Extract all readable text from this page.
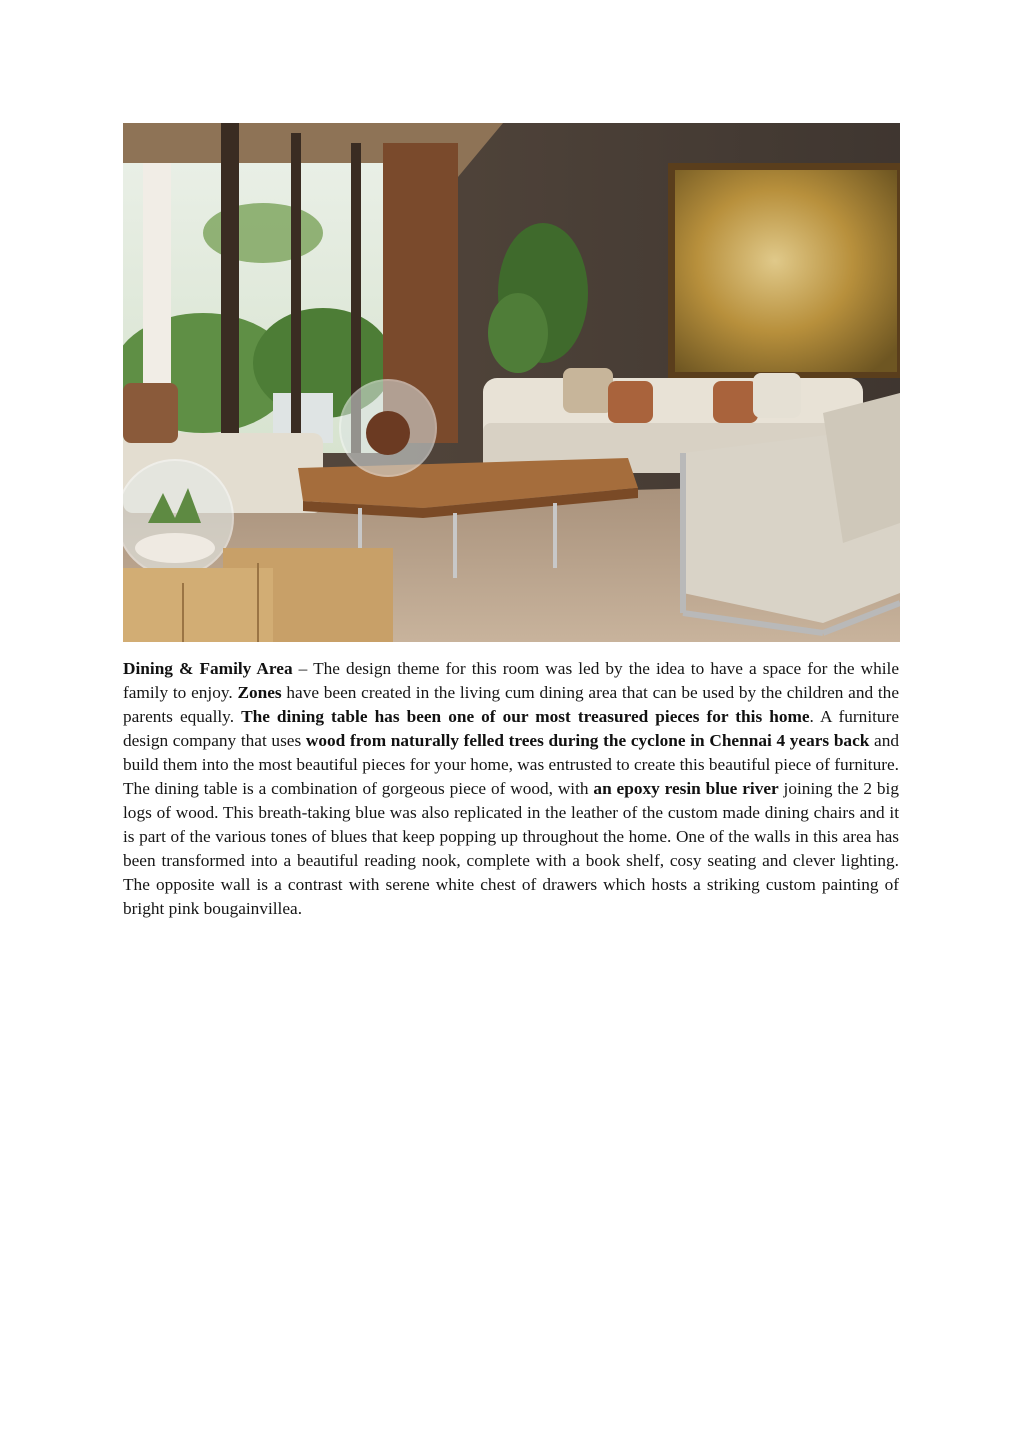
Dining & Family Area – The design theme for this room was led by the idea to have a space for the while family to enjoy. Zones have been created in the living cum dining area that can be used by the children and the parents equally. The dining table has been one of our most treasured pieces for this home. A furniture design company that uses wood from naturally felled trees during the cyclone in Chennai 4 years back and build them into the most beautiful pieces for your home, was entrusted to create this beautiful piece of furniture. The dining table is a combination of gorgeous piece of wood, with an epoxy resin blue river joining the 2 big logs of wood. This breath-taking blue was also replicated in the leather of the custom made dining chairs and it is part of the various tones of blues that keep popping up throughout the home. One of the walls in this area has been transformed into a beautiful reading nook, complete with a book shelf, cosy seating and clever lighting. The opposite wall is a contrast with serene white chest of drawers which hosts a striking custom painting of bright pink bougainvillea.
